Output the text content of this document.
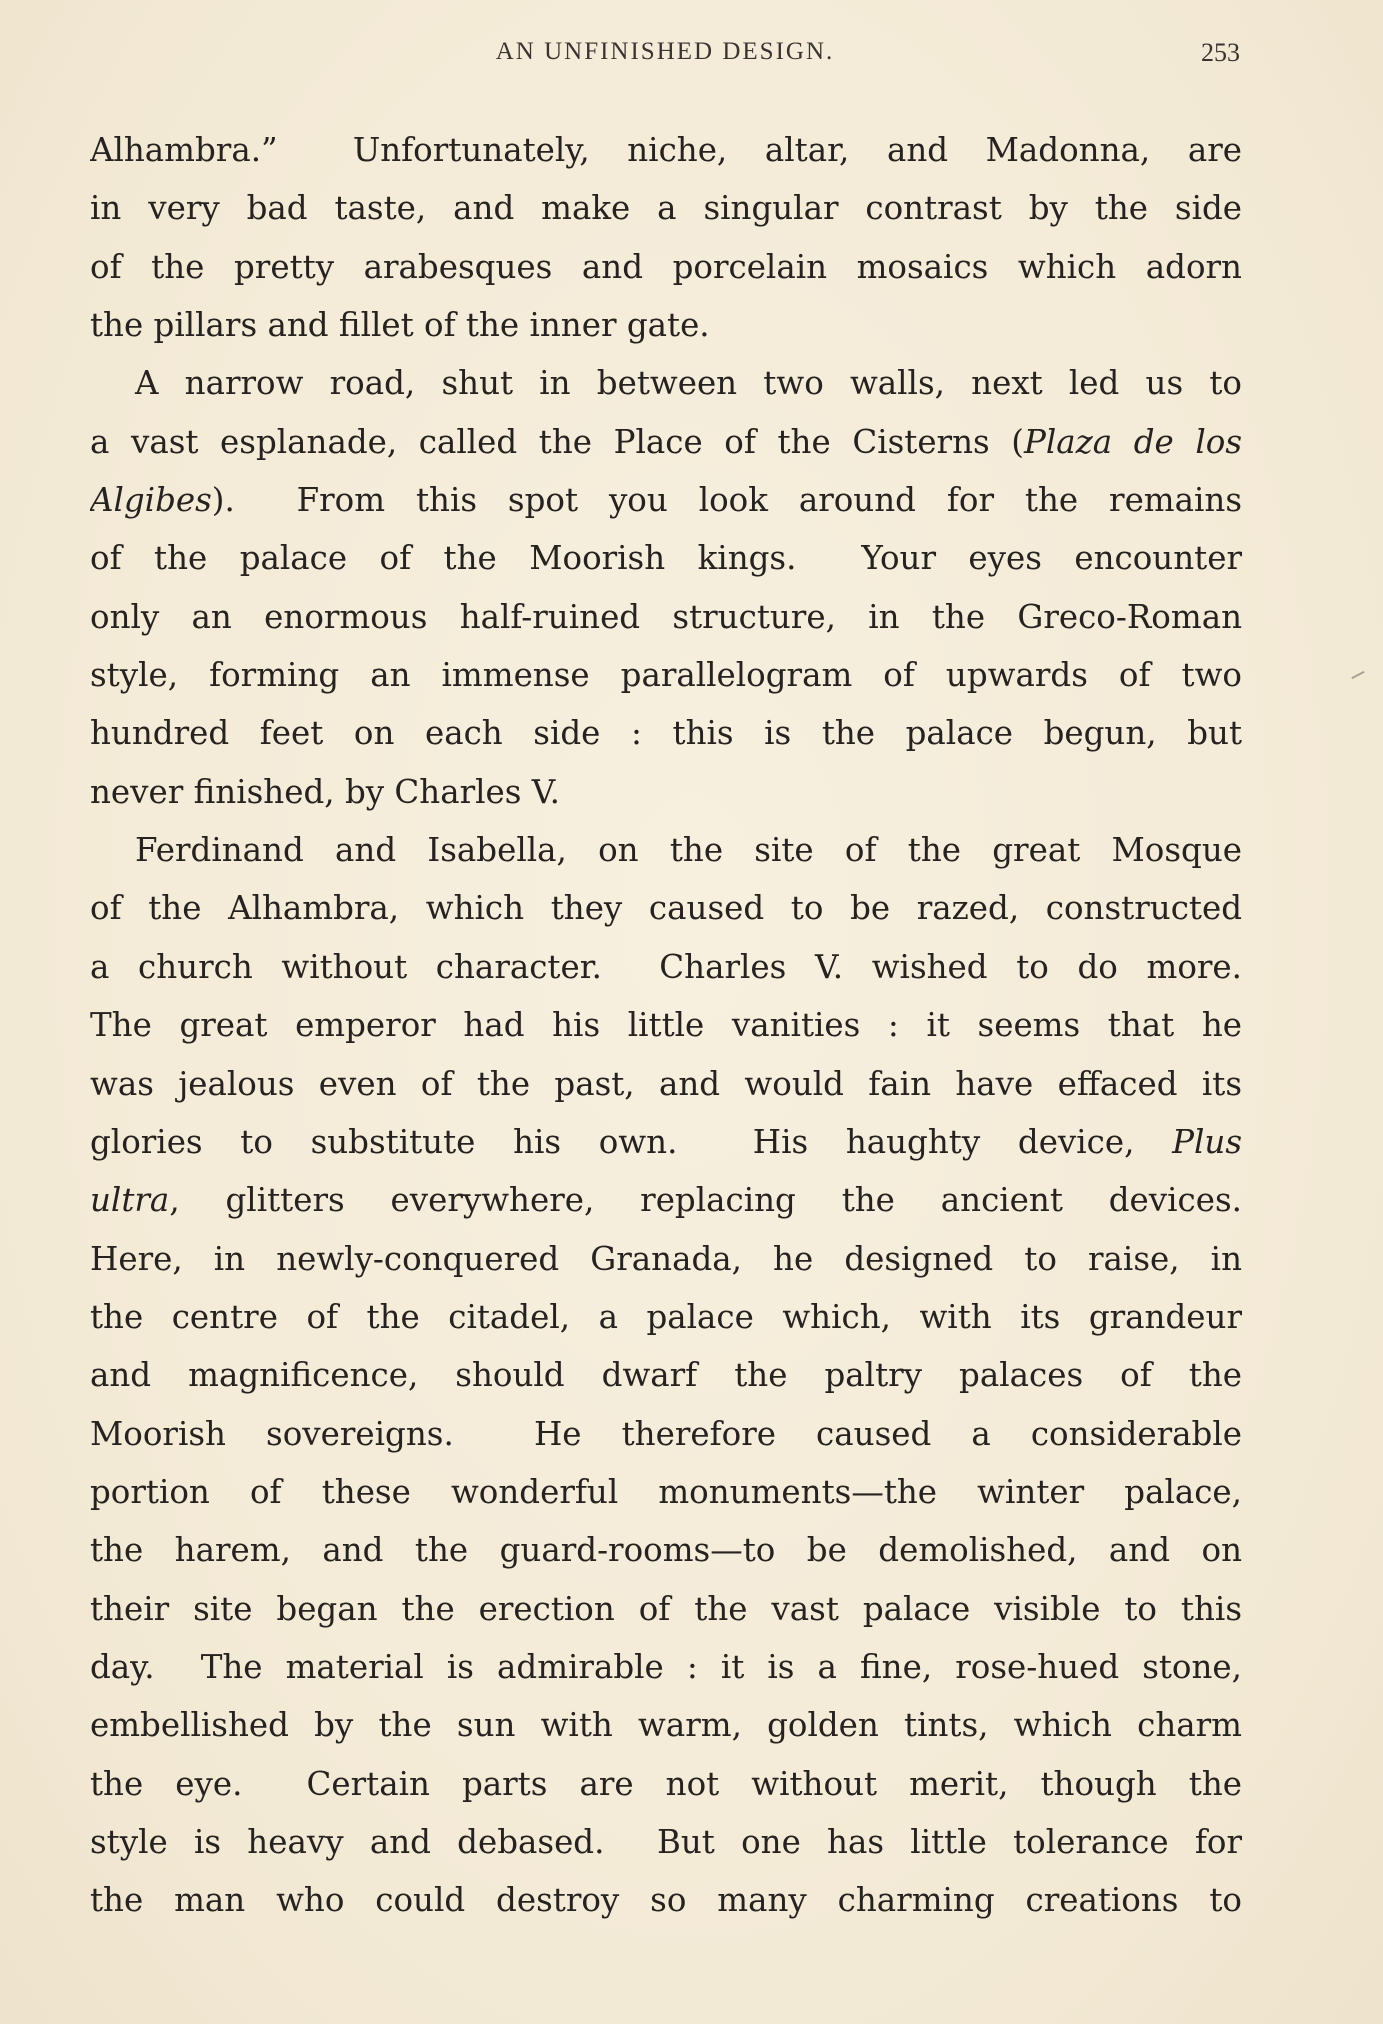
AN UNFINISHED DESIGN.	253
Alhambra.”  Unfortunately, niche, altar, and Madonna, are
in very bad taste, and make a singular contrast by the side
of the pretty arabesques and porcelain mosaics which adorn
the pillars and fillet of the inner gate.
A narrow road, shut in between two walls, next led us to
a vast esplanade, called the Place of the Cisterns (Plaza de los
Algibes).  From this spot you look around for the remains
of the palace of the Moorish kings.  Your eyes encounter
only an enormous half-ruined structure, in the Greco-Roman
style, forming an immense parallelogram of upwards of two
hundred feet on each side : this is the palace begun, but
never finished, by Charles V.
Ferdinand and Isabella, on the site of the great Mosque
of the Alhambra, which they caused to be razed, constructed
a church without character.  Charles V. wished to do more.
The great emperor had his little vanities : it seems that he
was jealous even of the past, and would fain have effaced its
glories to substitute his own.  His haughty device, Plus
ultra, glitters everywhere, replacing the ancient devices.
Here, in newly-conquered Granada, he designed to raise, in
the centre of the citadel, a palace which, with its grandeur
and magnificence, should dwarf the paltry palaces of the
Moorish sovereigns.  He therefore caused a considerable
portion of these wonderful monuments—the winter palace,
the harem, and the guard-rooms—to be demolished, and on
their site began the erection of the vast palace visible to this
day.  The material is admirable : it is a fine, rose-hued stone,
embellished by the sun with warm, golden tints, which charm
the eye.  Certain parts are not without merit, though the
style is heavy and debased.  But one has little tolerance for
the man who could destroy so many charming creations to
